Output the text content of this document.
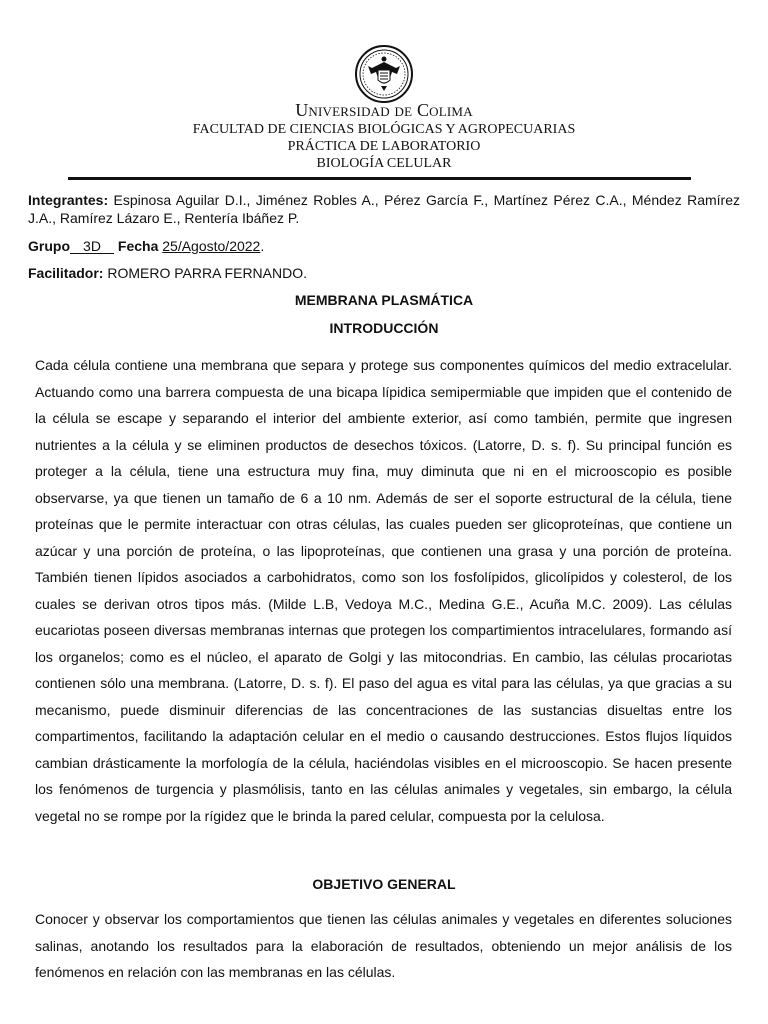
Universidad de Colima
FACULTAD DE CIENCIAS BIOLÓGICAS Y AGROPECUARIAS
PRÁCTICA DE LABORATORIO
BIOLOGÍA CELULAR
Integrantes: Espinosa Aguilar D.I., Jiménez Robles A., Pérez García F., Martínez Pérez C.A., Méndez Ramírez J.A., Ramírez Lázaro E., Rentería Ibáñez P.
Grupo 3D Fecha 25/Agosto/2022.
Facilitador: ROMERO PARRA FERNANDO.
MEMBRANA PLASMÁTICA
INTRODUCCIÓN

Cada célula contiene una membrana que separa y protege sus componentes químicos del medio extracelular. Actuando como una barrera compuesta de una bicapa lípidica semipermiable que impiden que el contenido de la célula se escape y separando el interior del ambiente exterior, así como también, permite que ingresen nutrientes a la célula y se eliminen productos de desechos tóxicos. (Latorre, D. s. f). Su principal función es proteger a la célula, tiene una estructura muy fina, muy diminuta que ni en el microoscopio es posible observarse, ya que tienen un tamaño de 6 a 10 nm. Además de ser el soporte estructural de la célula, tiene proteínas que le permite interactuar con otras células, las cuales pueden ser glicoproteínas, que contiene un azúcar y una porción de proteína, o las lipoproteínas, que contienen una grasa y una porción de proteína. También tienen lípidos asociados a carbohidratos, como son los fosfolípidos, glicolípidos y colesterol, de los cuales se derivan otros tipos más. (Milde L.B, Vedoya M.C., Medina G.E., Acuña M.C. 2009). Las células eucariotas poseen diversas membranas internas que protegen los compartimientos intracelulares, formando así los organelos; como es el núcleo, el aparato de Golgi y las mitocondrias. En cambio, las células procariotas contienen sólo una membrana. (Latorre, D. s. f). El paso del agua es vital para las células, ya que gracias a su mecanismo, puede disminuir diferencias de las concentraciones de las sustancias disueltas entre los compartimentos, facilitando la adaptación celular en el medio o causando destrucciones. Estos flujos líquidos cambian drásticamente la morfología de la célula, haciéndolas visibles en el microoscopio. Se hacen presente los fenómenos de turgencia y plasmólisis, tanto en las células animales y vegetales, sin embargo, la célula vegetal no se rompe por la rígidez que le brinda la pared celular, compuesta por la celulosa.

OBJETIVO GENERAL

Conocer y observar los comportamientos que tienen las células animales y vegetales en diferentes soluciones salinas, anotando los resultados para la elaboración de resultados, obteniendo un mejor análisis de los fenómenos en relación con las membranas en las células.
